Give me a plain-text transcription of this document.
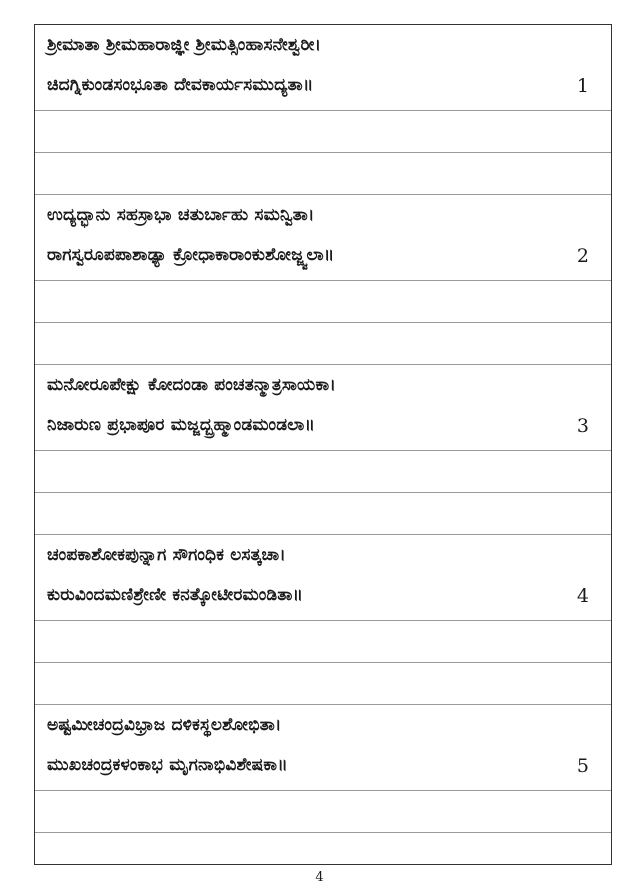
ಶ್ರೀಮಾತಾ ಶ್ರೀಮಹಾರಾಜ್ಞೀ ಶ್ರೀಮತ್ಸಿಂಹಾಸನೇಶ್ವರೀ।
ಚಿದಗ್ನಿಕುಂಡಸಂಭೂತಾ ದೇವಕಾರ್ಯಸಮುದ್ಯತಾ॥	1
ಉದ್ಯದ್ಭಾನು ಸಹಸ್ರಾಭಾ ಚತುರ್ಬಾಹು ಸಮನ್ವಿತಾ।
ರಾಗಸ್ವರೂಪಪಾಶಾಢ್ಯಾ ಕ್ರೋಧಾಕಾರಾಂಕುಶೋಜ್ಜ್ವಲಾ॥	2
ಮನೋರೂಪೇಕ್ಷು ಕೋದಂಡಾ ಪಂಚತನ್ಮಾತ್ರಸಾಯಕಾ।
ನಿಜಾರುಣ ಪ್ರಭಾಪೂರ ಮಜ್ಜದ್ಬ್ರಹ್ಮಾಂಡಮಂಡಲಾ॥	3
ಚಂಪಕಾಶೋಕಪುನ್ನಾಗ ಸೌಗಂಧಿಕ ಲಸತ್ಕಚಾ।
ಕುರುವಿಂದಮಣಿಶ್ರೇಣೀ ಕನತ್ಕೋಟೀರಮಂಡಿತಾ॥	4
ಅಷ್ಟಮೀಚಂದ್ರವಿಭ್ರಾಜ ದಳಿಕಸ್ಥಲಶೋಭಿತಾ।
ಮುಖಚಂದ್ರಕಳಂಕಾಭ ಮೃಗನಾಭಿವಿಶೇಷಕಾ॥	5
4
